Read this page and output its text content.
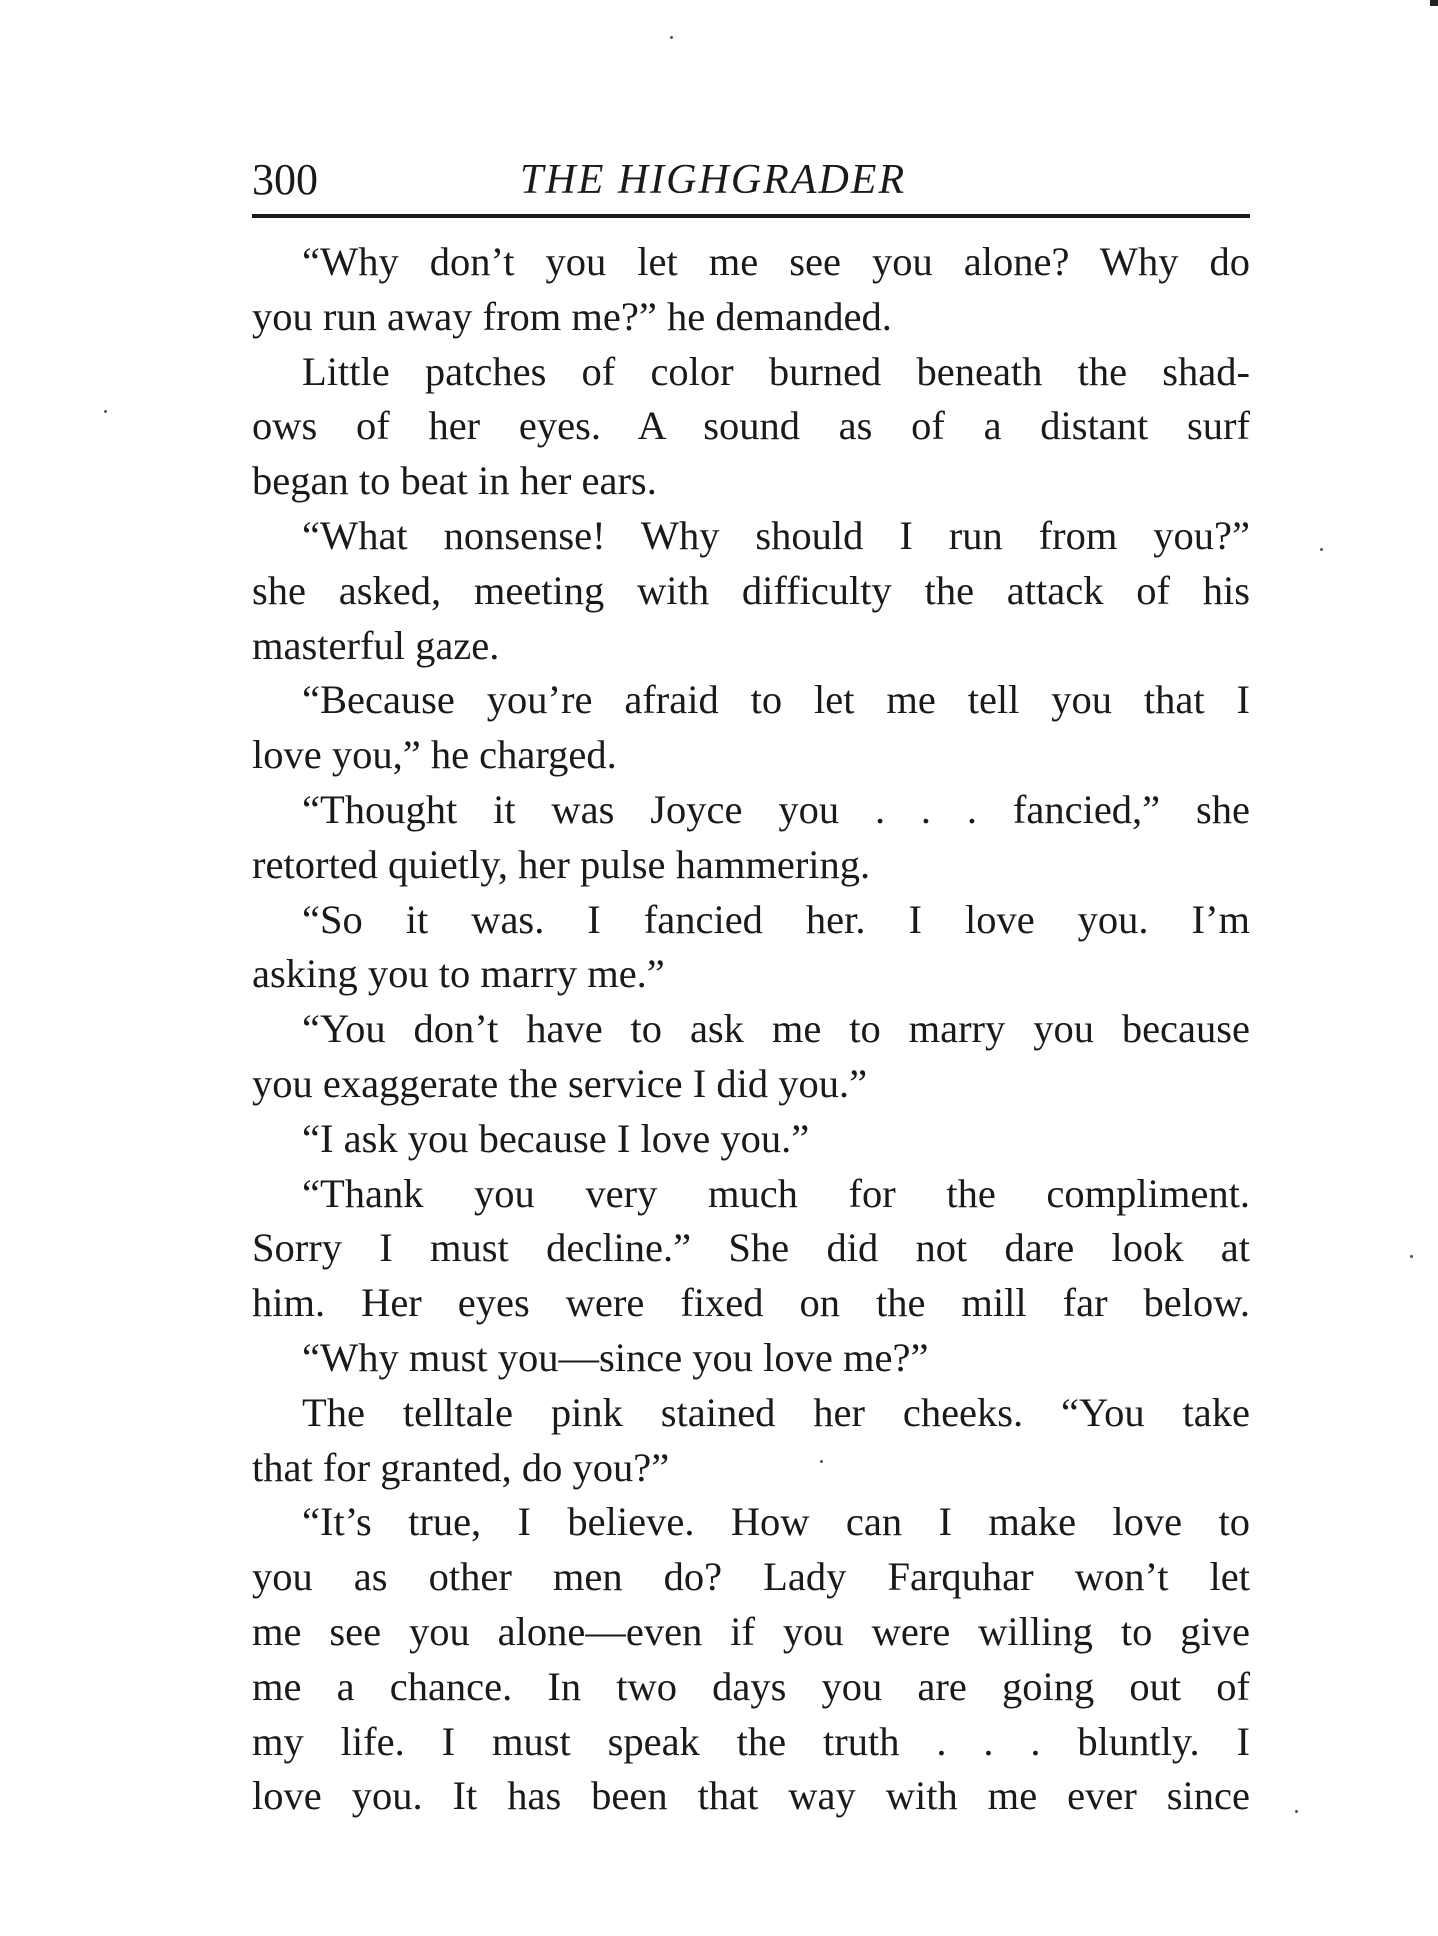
300	THE HIGHGRADER
“Why don’t you let me see you alone? Why do
you run away from me?” he demanded.
Little patches of color burned beneath the shad-
ows of her eyes. A sound as of a distant surf
began to beat in her ears.
“What nonsense! Why should I run from you?”
she asked, meeting with difficulty the attack of his
masterful gaze.
“Because you’re afraid to let me tell you that I
love you,” he charged.
“Thought it was Joyce you . . . fancied,” she
retorted quietly, her pulse hammering.
“So it was. I fancied her. I love you. I’m
asking you to marry me.”
“You don’t have to ask me to marry you because
you exaggerate the service I did you.”
“I ask you because I love you.”
“Thank you very much for the compliment.
Sorry I must decline.” She did not dare look at
him. Her eyes were fixed on the mill far below.
“Why must you—since you love me?”
The telltale pink stained her cheeks. “You take
that for granted, do you?”
“It’s true, I believe. How can I make love to
you as other men do? Lady Farquhar won’t let
me see you alone—even if you were willing to give
me a chance. In two days you are going out of
my life. I must speak the truth . . . bluntly. I
love you. It has been that way with me ever since
